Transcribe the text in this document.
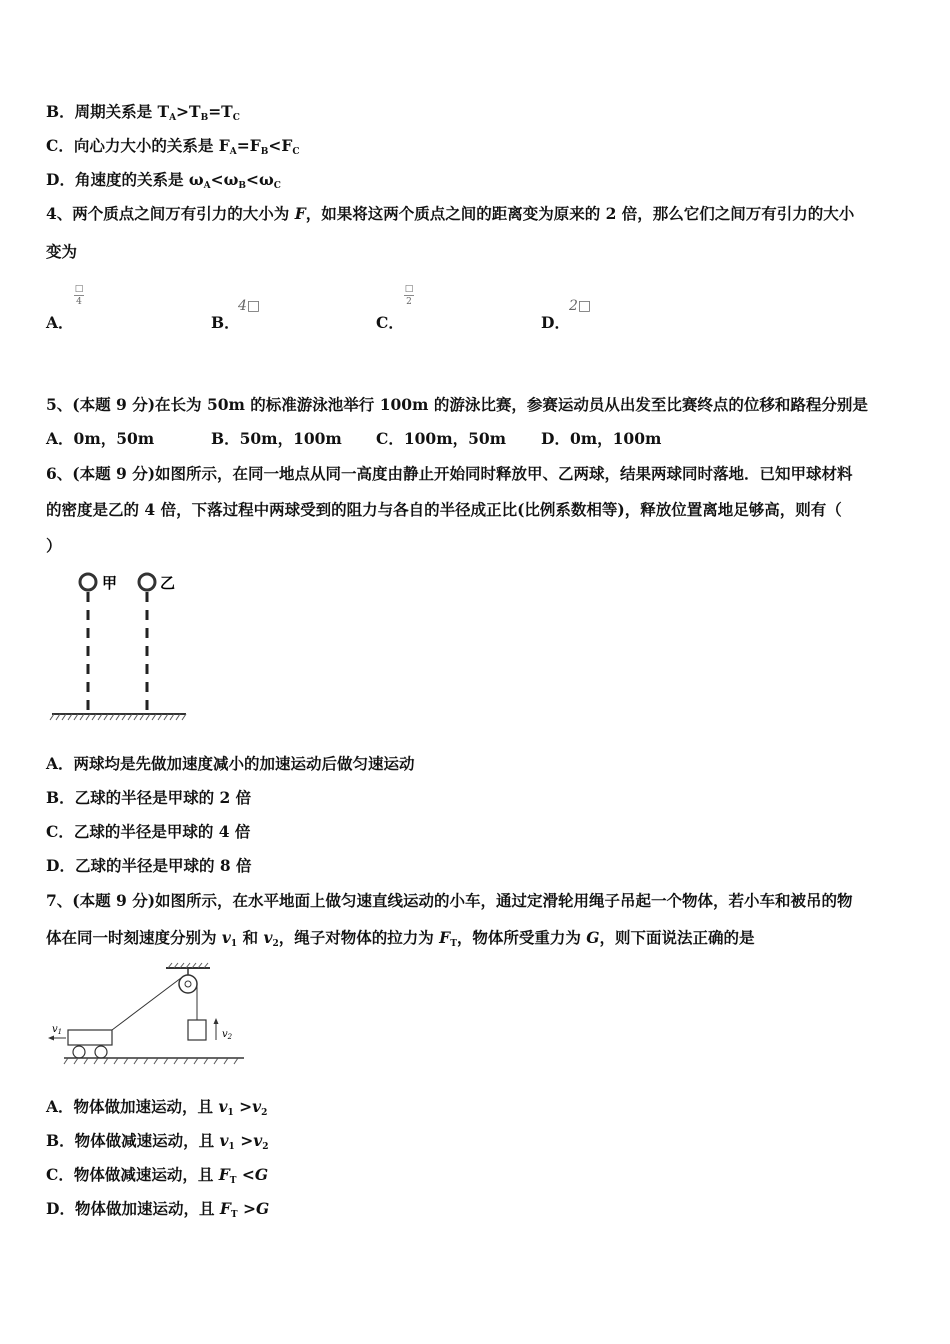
B．周期关系是 $T_A>T_B=T_C$
C．向心力大小的关系是 $F_A=F_B<F_C$
D．角速度的关系是 $\omega_A<\omega_B<\omega_C$
4、两个质点之间万有引力的大小为 F，如果将这两个质点之间的距离变为原来的 2 倍，那么它们之间万有引力的大小
变为
A．
□
4
B．
4□
C．
□
2
D．
2□
5、(本题 9 分)在长为 50m 的标准游泳池举行 100m 的游泳比赛，参赛运动员从出发至比赛终点的位移和路程分别是
A．0m，50m	B．50m，100m C．100m，50m D．0m，100m
6、(本题 9 分)如图所示，在同一地点从同一高度由静止开始同时释放甲、乙两球，结果两球同时落地．已知甲球材料
的密度是乙的 4 倍，下落过程中两球受到的阻力与各自的半径成正比(比例系数相等)，释放位置离地足够高，则有（
）
甲	乙
A．两球均是先做加速度减小的加速运动后做匀速运动
B．乙球的半径是甲球的 2 倍
C．乙球的半径是甲球的 4 倍
D．乙球的半径是甲球的 8 倍
7、(本题 9 分)如图所示，在水平地面上做匀速直线运动的小车，通过定滑轮用绳子吊起一个物体，若小车和被吊的物
体在同一时刻速度分别为 $v_1$ 和 $v_2$，绳子对物体的拉力为 $F_T$，物体所受重力为 G，则下面说法正确的是
$v_2$
$v_1$
A．物体做加速运动，且 $v_1 >v_2$
B．物体做减速运动，且 $v_1 >v_2$
C．物体做减速运动，且 $F_T <G$
D．物体做加速运动，且 $F_T >G$
